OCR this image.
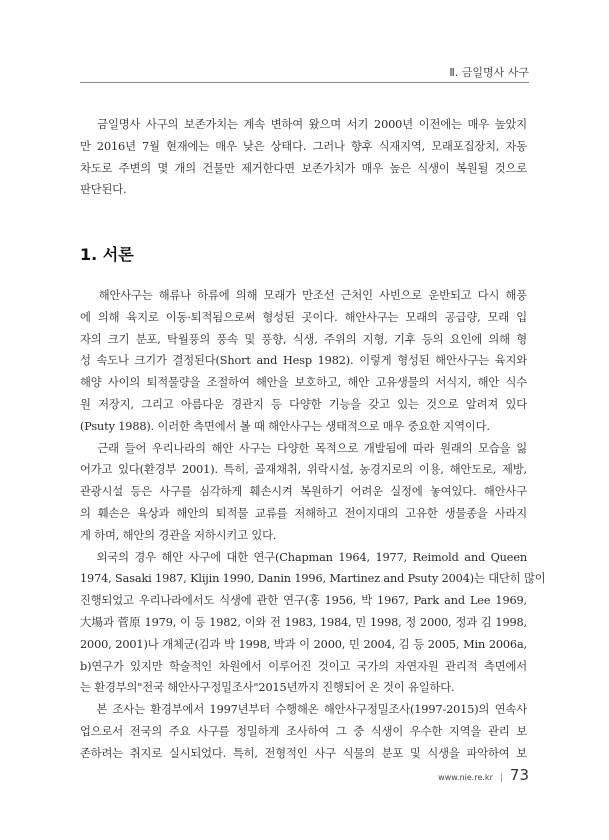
Ⅱ. 금일명사 사구
금일명사 사구의 보존가치는 계속 변하여 왔으며 서기 2000년 이전에는 매우 높았지
만 2016년 7월 현재에는 매우 낮은 상태다. 그러나 향후 식재지역, 모래포집장치, 자동
차도로 주변의 몇 개의 건물만 제거한다면 보존가치가 매우 높은 식생이 복원될 것으로
판단된다.
1. 서론
해안사구는 해류나 하류에 의해 모래가 만조선 근처인 사빈으로 운반되고 다시 해풍
에 의해 육지로 이동·퇴적됨으로써 형성된 곳이다. 해안사구는 모래의 공급량, 모래 입
자의 크기 분포, 탁월풍의 풍속 및 풍향, 식생, 주위의 지형, 기후 등의 요인에 의해 형
성 속도나 크기가 결정된다(Short and Hesp 1982). 이렇게 형성된 해안사구는 육지와
해양 사이의 퇴적물량을 조절하여 해안을 보호하고, 해안 고유생물의 서식지, 해안 식수
원 저장지, 그리고 아름다운 경관지 등 다양한 기능을 갖고 있는 것으로 알려져 있다
(Psuty 1988). 이러한 측면에서 볼 때 해안사구는 생태적으로 매우 중요한 지역이다.
근래 들어 우리나라의 해안 사구는 다양한 목적으로 개발됨에 따라 원래의 모습을 잃
어가고 있다(환경부 2001). 특히, 골재채취, 위락시설, 농경지로의 이용, 해안도로, 제방,
관광시설 등은 사구를 심각하게 훼손시켜 복원하기 어려운 실정에 놓여있다. 해안사구
의 훼손은 육상과 해안의 퇴적물 교류를 저해하고 전이지대의 고유한 생물종을 사라지
게 하며, 해안의 경관을 저하시키고 있다.
외국의 경우 해안 사구에 대한 연구(Chapman 1964, 1977, Reimold and Queen
1974, Sasaki 1987, Klijin 1990, Danin 1996, Martinez and Psuty 2004)는 대단히 많이
진행되었고 우리나라에서도 식생에 관한 연구(홍 1956, 박 1967, Park and Lee 1969,
大場과 菅原 1979, 이 등 1982, 이와 전 1983, 1984, 민 1998, 정 2000, 정과 김 1998,
2000, 2001)나 개체군(김과 박 1998, 박과 이 2000, 민 2004, 김 등 2005, Min 2006a,
b)연구가 있지만 학술적인 차원에서 이루어진 것이고 국가의 자연자원 관리적 측면에서
는 환경부의"전국 해안사구정밀조사"2015년까지 진행되어 온 것이 유일하다.
본 조사는 환경부에서 1997년부터 수행해온 해안사구정밀조사(1997-2015)의 연속사
업으로서 전국의 주요 사구를 정밀하게 조사하여 그 중 식생이 우수한 지역을 관리 보
존하려는 취지로 실시되었다. 특히, 전형적인 사구 식물의 분포 및 식생을 파악하여 보
www.nie.re.kr | 73
